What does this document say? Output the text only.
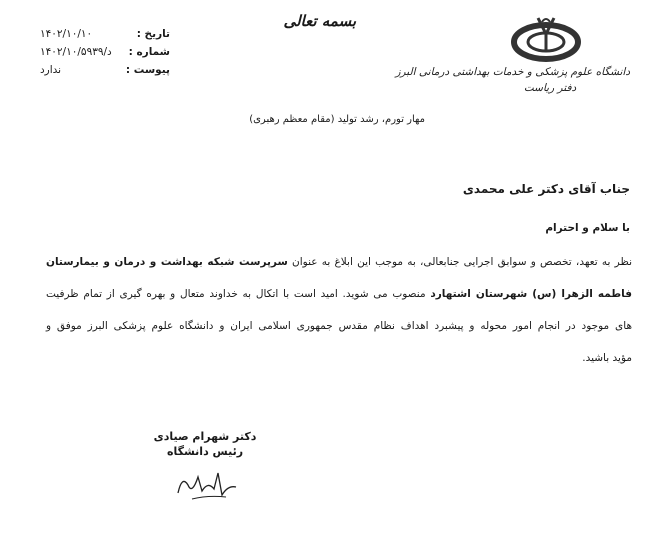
دانشگاه علوم پزشکی و خدمات بهداشتی درمانی البرز
دفتر ریاست
بسمه تعالی
۱۴۰۲/۱۰/۱۰	تاریخ :
۱۴۰۲/د/۱۰/۵۹۳۹ شماره :
ندارد	پیوست :
مهار تورم، رشد تولید (مقام معظم رهبری)
جناب آقای دکتر علی محمدی
با سلام و احترام
نظر به تعهد، تخصص و سوابق اجرایی جنابعالی، به موجب این ابلاغ به عنوان سرپرست شبکه بهداشت و درمان و بیمارستان
فاطمه الزهرا (س) شهرستان اشتهارد منصوب می شوید. امید است با اتکال به خداوند متعال و بهره گیری از تمام ظرفیت
های موجود در انجام امور محوله و پیشبرد اهداف نظام مقدس جمهوری اسلامی ایران و دانشگاه علوم پزشکی البرز موفق و
مؤید باشید.
دکتر شهرام صیادی
رئیس دانشگاه
